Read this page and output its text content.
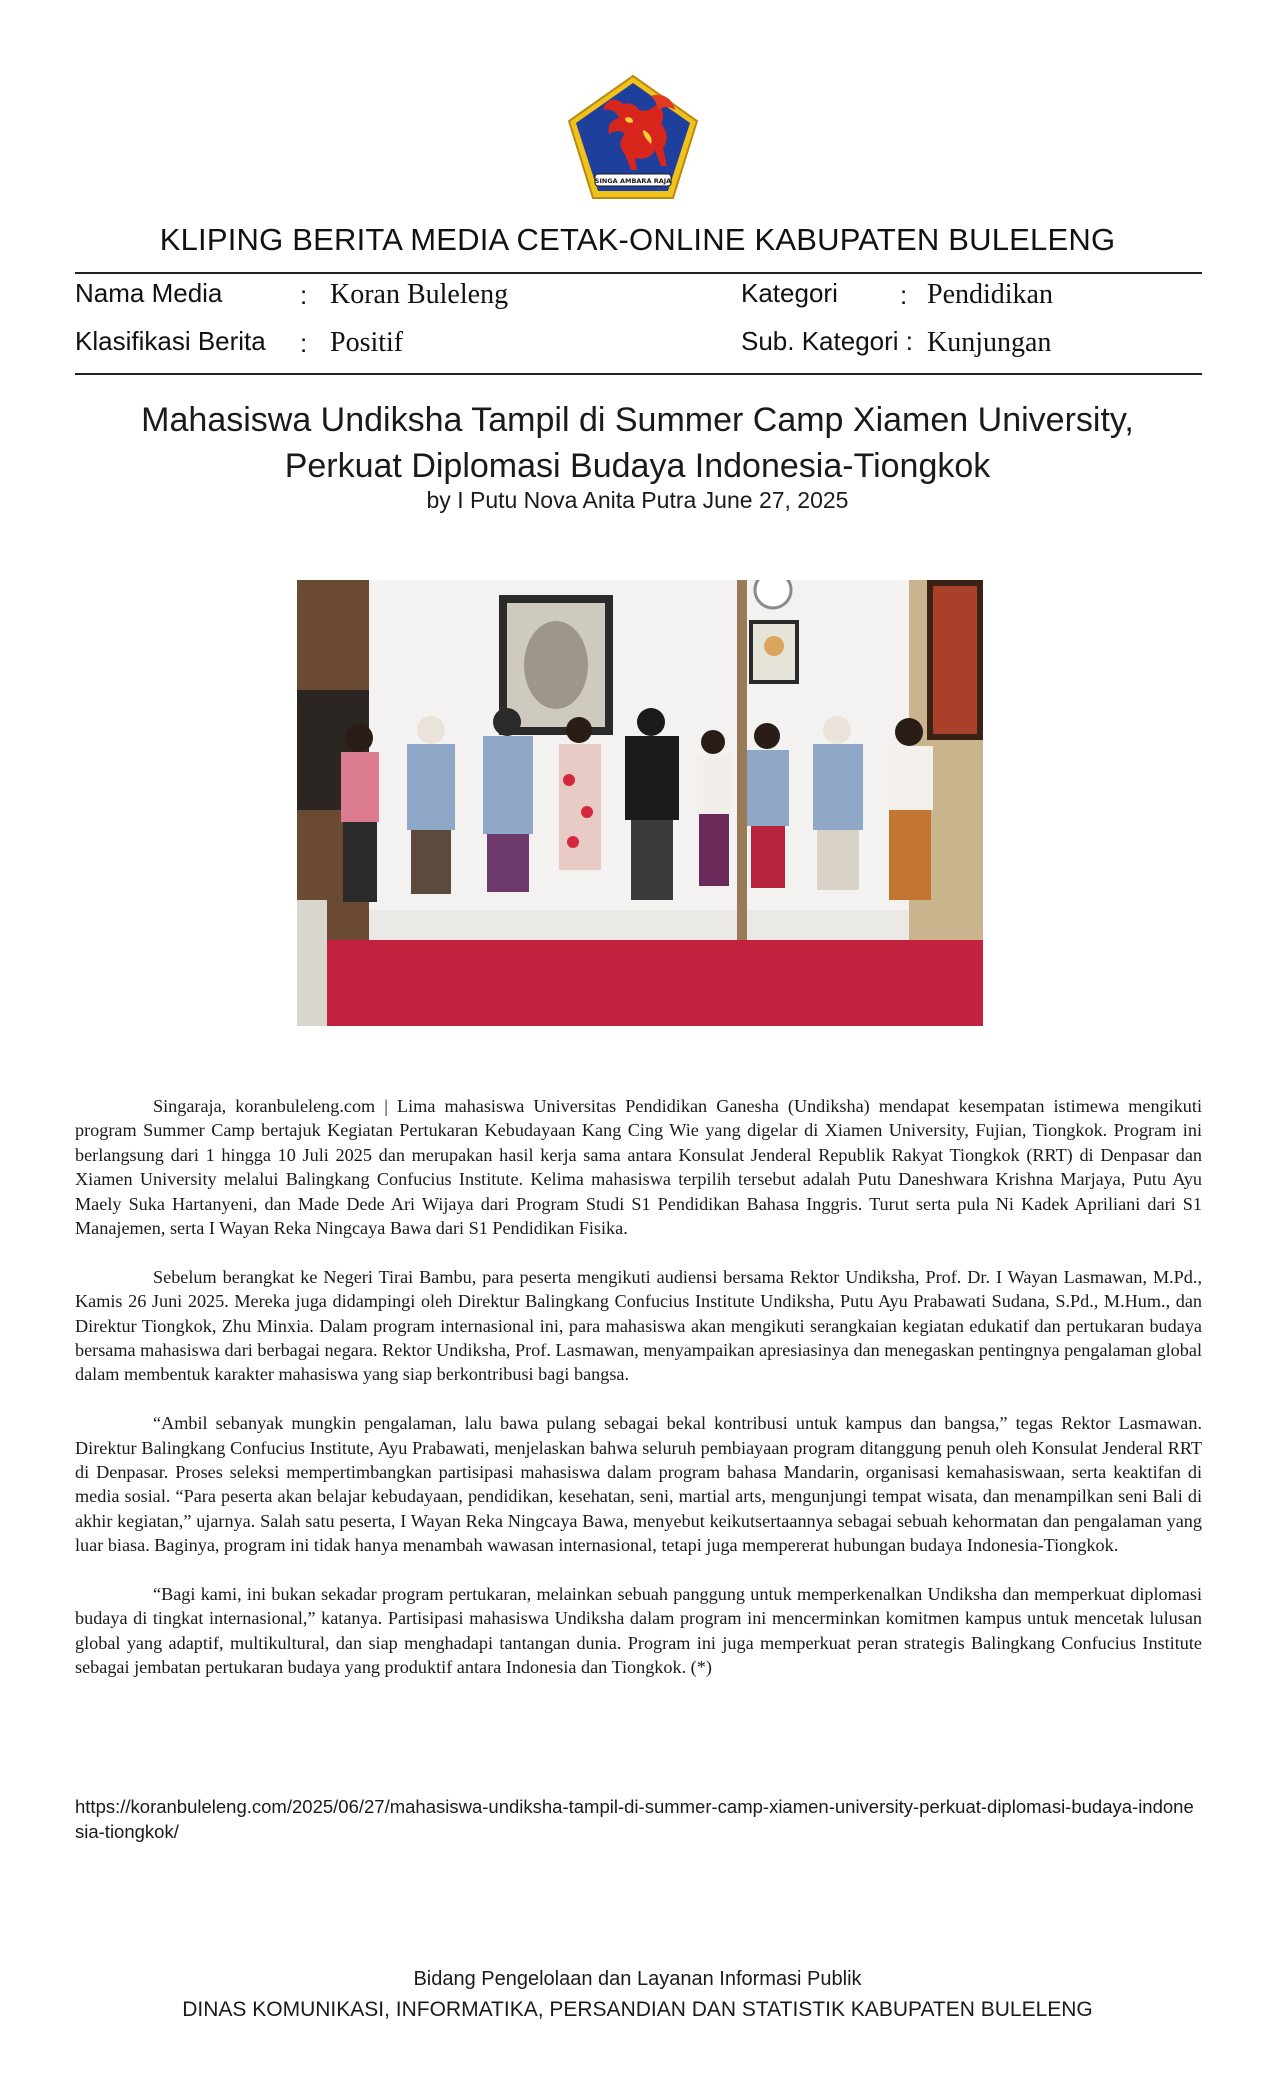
SINGA AMBARA RAJA
KLIPING BERITA MEDIA CETAK-ONLINE KABUPATEN BULELENG
Nama Media	: Koran Buleleng	Kategori : Pendidikan
Klasifikasi Berita : Positif	Sub. Kategori : Kunjungan
Mahasiswa Undiksha Tampil di Summer Camp Xiamen University,
Perkuat Diplomasi Budaya Indonesia-Tiongkok
by I Putu Nova Anita Putra June 27, 2025

Singaraja, koranbuleleng.com | Lima mahasiswa Universitas Pendidikan Ganesha (Undiksha) mendapat kesempatan istimewa mengikuti program Summer Camp bertajuk Kegiatan Pertukaran Kebudayaan Kang Cing Wie yang digelar di Xiamen University, Fujian, Tiongkok. Program ini berlangsung dari 1 hingga 10 Juli 2025 dan merupakan hasil kerja sama antara Konsulat Jenderal Republik Rakyat Tiongkok (RRT) di Denpasar dan Xiamen University melalui Balingkang Confucius Institute. Kelima mahasiswa terpilih tersebut adalah Putu Daneshwara Krishna Marjaya, Putu Ayu Maely Suka Hartanyeni, dan Made Dede Ari Wijaya dari Program Studi S1 Pendidikan Bahasa Inggris. Turut serta pula Ni Kadek Apriliani dari S1 Manajemen, serta I Wayan Reka Ningcaya Bawa dari S1 Pendidikan Fisika.

Sebelum berangkat ke Negeri Tirai Bambu, para peserta mengikuti audiensi bersama Rektor Undiksha, Prof. Dr. I Wayan Lasmawan, M.Pd., Kamis 26 Juni 2025. Mereka juga didampingi oleh Direktur Balingkang Confucius Institute Undiksha, Putu Ayu Prabawati Sudana, S.Pd., M.Hum., dan Direktur Tiongkok, Zhu Minxia. Dalam program internasional ini, para mahasiswa akan mengikuti serangkaian kegiatan edukatif dan pertukaran budaya bersama mahasiswa dari berbagai negara. Rektor Undiksha, Prof. Lasmawan, menyampaikan apresiasinya dan menegaskan pentingnya pengalaman global dalam membentuk karakter mahasiswa yang siap berkontribusi bagi bangsa.

“Ambil sebanyak mungkin pengalaman, lalu bawa pulang sebagai bekal kontribusi untuk kampus dan bangsa,” tegas Rektor Lasmawan. Direktur Balingkang Confucius Institute, Ayu Prabawati, menjelaskan bahwa seluruh pembiayaan program ditanggung penuh oleh Konsulat Jenderal RRT di Denpasar. Proses seleksi mempertimbangkan partisipasi mahasiswa dalam program bahasa Mandarin, organisasi kemahasiswaan, serta keaktifan di media sosial. “Para peserta akan belajar kebudayaan, pendidikan, kesehatan, seni, martial arts, mengunjungi tempat wisata, dan menampilkan seni Bali di akhir kegiatan,” ujarnya. Salah satu peserta, I Wayan Reka Ningcaya Bawa, menyebut keikutsertaannya sebagai sebuah kehormatan dan pengalaman yang luar biasa. Baginya, program ini tidak hanya menambah wawasan internasional, tetapi juga mempererat hubungan budaya Indonesia-Tiongkok.

“Bagi kami, ini bukan sekadar program pertukaran, melainkan sebuah panggung untuk memperkenalkan Undiksha dan memperkuat diplomasi budaya di tingkat internasional,” katanya. Partisipasi mahasiswa Undiksha dalam program ini mencerminkan komitmen kampus untuk mencetak lulusan global yang adaptif, multikultural, dan siap menghadapi tantangan dunia. Program ini juga memperkuat peran strategis Balingkang Confucius Institute sebagai jembatan pertukaran budaya yang produktif antara Indonesia dan Tiongkok. (*)

https://koranbuleleng.com/2025/06/27/mahasiswa-undiksha-tampil-di-summer-camp-xiamen-university-perkuat-diplomasi-budaya-indonesia-tiongkok/
Bidang Pengelolaan dan Layanan Informasi Publik
DINAS KOMUNIKASI, INFORMATIKA, PERSANDIAN DAN STATISTIK KABUPATEN BULELENG
